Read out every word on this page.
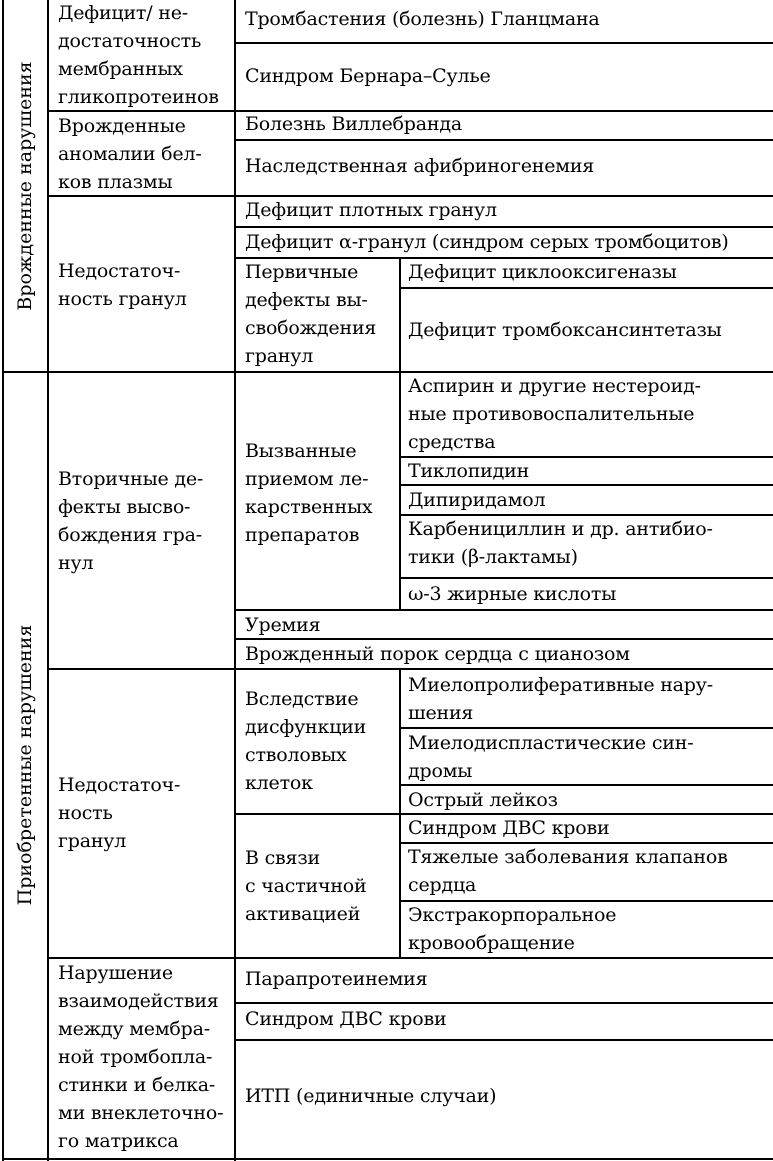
Врожденные нарушения
Приобретенные нарушения
Дефицит/ не-
достаточность
мембранных
гликопротеинов
Тромбастения (болезнь) Гланцмана
Синдром Бернара–Сулье
Врожденные
аномалии бел-
ков плазмы
Болезнь Виллебранда
Наследственная афибриногенемия
Недостаточ-
ность гранул
Дефицит плотных гранул
Дефицит α-гранул (синдром серых тромбоцитов)
Первичные
дефекты вы-
свобождения
гранул
Дефицит циклооксигеназы
Дефицит тромбоксансинтетазы
Вторичные де-
фекты высво-
бождения гра-
нул
Вызванные
приемом ле-
карственных
препаратов
Аспирин и другие нестероид-
ные противовоспалительные
средства
Тиклопидин
Дипиридамол
Карбенициллин и др. антибио-
тики (β-лактамы)
ω-3 жирные кислоты
Уремия
Врожденный порок сердца с цианозом
Недостаточ-
ность
гранул
Вследствие
дисфункции
стволовых
клеток
Миелопролиферативные нару-
шения
Миелодиспластические син-
дромы
Острый лейкоз
В связи
с частичной
активацией
Синдром ДВС крови
Тяжелые заболевания клапанов
сердца
Экстракорпоральное
кровообращение
Нарушение
взаимодействия
между мембра-
ной тромбопла-
стинки и белка-
ми внеклеточно-
го матрикса
Парапротеинемия
Синдром ДВС крови
ИТП (единичные случаи)
